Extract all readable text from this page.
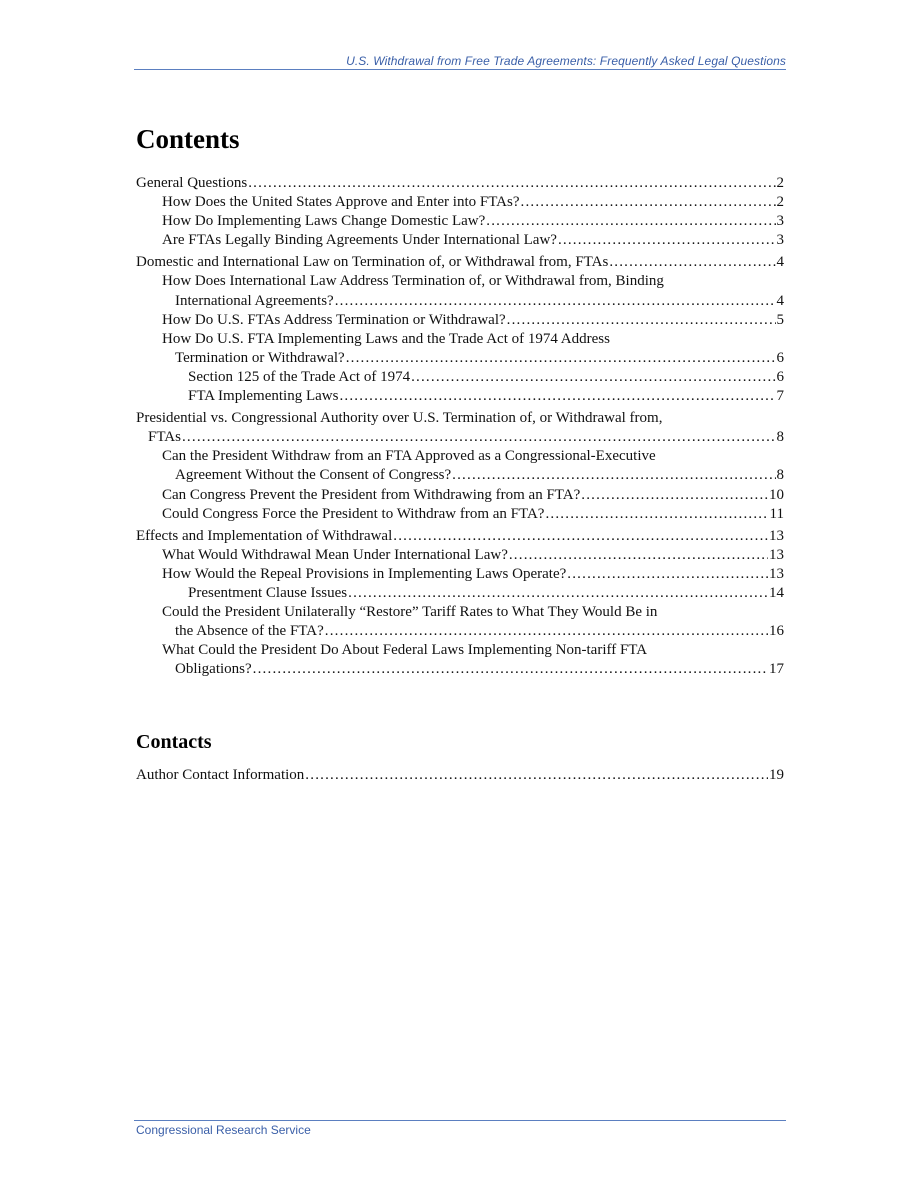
U.S. Withdrawal from Free Trade Agreements: Frequently Asked Legal Questions
Contents

General Questions .....	2

How Does the United States Approve and Enter into FTAs? .....	2

How Do Implementing Laws Change Domestic Law? .....	3

Are FTAs Legally Binding Agreements Under International Law? .....	3

Domestic and International Law on Termination of, or Withdrawal from, FTAs .....	4

How Does International Law Address Termination of, or Withdrawal from, Binding
International Agreements? .....	4

How Do U.S. FTAs Address Termination or Withdrawal? .....	5

How Do U.S. FTA Implementing Laws and the Trade Act of 1974 Address
Termination or Withdrawal? .....	6

Section 125 of the Trade Act of 1974 .....	6

FTA Implementing Laws .....	7

Presidential vs. Congressional Authority over U.S. Termination of, or Withdrawal from,
FTAs .....	8

Can the President Withdraw from an FTA Approved as a Congressional-Executive
Agreement Without the Consent of Congress? .....	8

Can Congress Prevent the President from Withdrawing from an FTA? .....	10

Could Congress Force the President to Withdraw from an FTA? .....	11

Effects and Implementation of Withdrawal .....	13

What Would Withdrawal Mean Under International Law? .....	13

How Would the Repeal Provisions in Implementing Laws Operate? .....	13

Presentment Clause Issues .....	14

Could the President Unilaterally “Restore” Tariff Rates to What They Would Be in
the Absence of the FTA? .....	16

What Could the President Do About Federal Laws Implementing Non-tariff FTA
Obligations? .....	17

Contacts

Author Contact Information .....	19

Congressional Research Service
